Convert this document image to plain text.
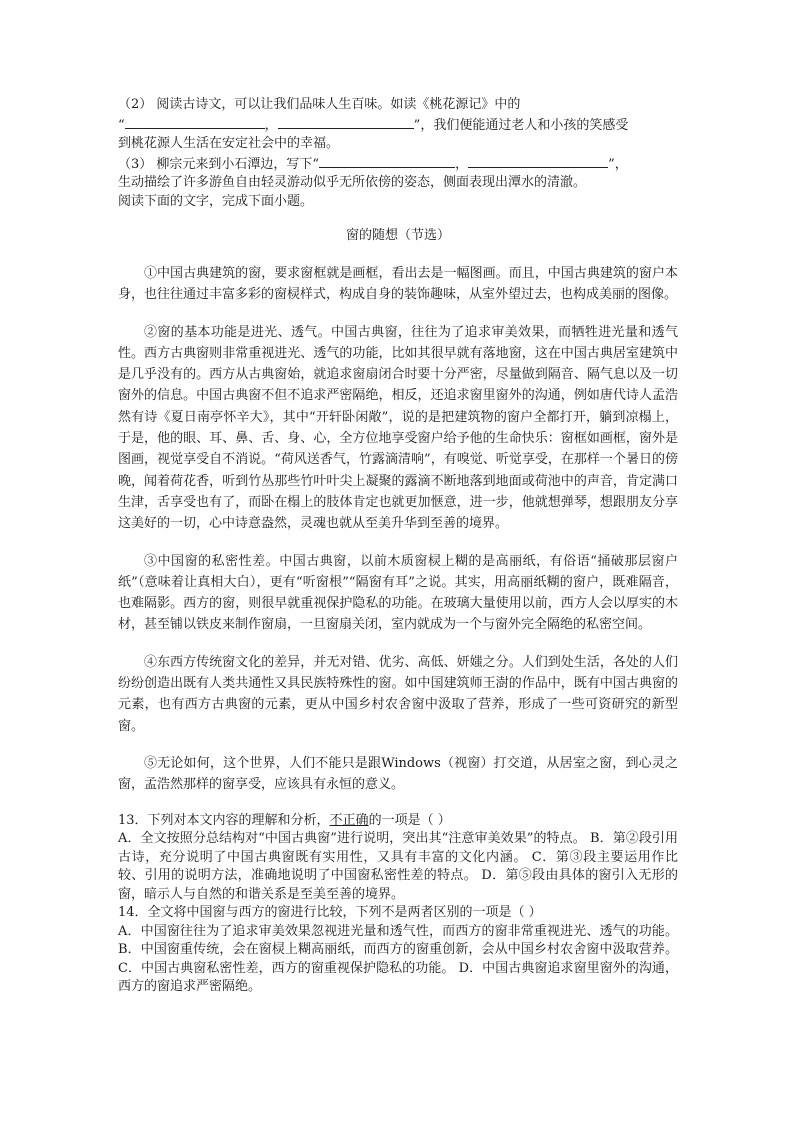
（2） 阅读古诗文，可以让我们品味人生百味。如读《桃花源记》中的
“	，	”，我们便能通过老人和小孩的笑感受
到桃花源人生活在安定社会中的幸福。
（3） 柳宗元来到小石潭边，写下“	，	”，
生动描绘了许多游鱼自由轻灵游动似乎无所依傍的姿态，侧面表现出潭水的清澈。
阅读下面的文字，完成下面小题。
窗的随想（节选）

①中国古典建筑的窗，要求窗框就是画框，看出去是一幅图画。而且，中国古典建筑的窗户本身，也往往通过丰富多彩的窗棂样式，构成自身的装饰趣味，从室外望过去，也构成美丽的图像。

②窗的基本功能是进光、透气。中国古典窗，往往为了追求审美效果，而牺牲进光量和透气性。西方古典窗则非常重视进光、透气的功能，比如其很早就有落地窗，这在中国古典居室建筑中是几乎没有的。西方从古典窗始，就追求窗扇闭合时要十分严密，尽量做到隔音、隔气息以及一切窗外的信息。中国古典窗不但不追求严密隔绝，相反，还追求窗里窗外的沟通，例如唐代诗人孟浩然有诗《夏日南亭怀辛大》，其中“开轩卧闲敞”，说的是把建筑物的窗户全都打开，躺到凉榻上，于是，他的眼、耳、鼻、舌、身、心，全方位地享受窗户给予他的生命快乐：窗框如画框，窗外是图画，视觉享受自不消说。“荷风送香气，竹露滴清响”，有嗅觉、听觉享受，在那样一个暑日的傍晚，闻着荷花香，听到竹丛那些竹叶叶尖上凝聚的露滴不断地落到地面或荷池中的声音，肯定满口生津，舌享受也有了，而卧在榻上的肢体肯定也就更加惬意，进一步，他就想弹琴，想跟朋友分享这美好的一切，心中诗意盎然，灵魂也就从至美升华到至善的境界。

③中国窗的私密性差。中国古典窗，以前木质窗棂上糊的是高丽纸，有俗语“捅破那层窗户纸”（意味着让真相大白），更有“听窗根”“隔窗有耳”之说。其实，用高丽纸糊的窗户，既难隔音，也难隔影。西方的窗，则很早就重视保护隐私的功能。在玻璃大量使用以前，西方人会以厚实的木材，甚至铺以铁皮来制作窗扇，一旦窗扇关闭，室内就成为一个与窗外完全隔绝的私密空间。

④东西方传统窗文化的差异，并无对错、优劣、高低、妍媸之分。人们到处生活，各处的人们纷纷创造出既有人类共通性又具民族特殊性的窗。如中国建筑师王澍的作品中，既有中国古典窗的元素，也有西方古典窗的元素，更从中国乡村农舍窗中汲取了营养，形成了一些可资研究的新型窗。

⑤无论如何，这个世界，人们不能只是跟Windows（视窗）打交道，从居室之窗，到心灵之窗，孟浩然那样的窗享受，应该具有永恒的意义。

13．下列对本文内容的理解和分析，不正确的一项是（ ）

A．全文按照分总结构对“中国古典窗”进行说明，突出其“注意审美效果”的特点。 B．第②段引用古诗，充分说明了中国古典窗既有实用性，又具有丰富的文化内涵。 C．第③段主要运用作比较、引用的说明方法，准确地说明了中国窗私密性差的特点。 D．第⑤段由具体的窗引入无形的窗，暗示人与自然的和谐关系是至美至善的境界。

14．全文将中国窗与西方的窗进行比较，下列不是两者区别的一项是（ ）

A．中国窗往往为了追求审美效果忽视进光量和透气性，而西方的窗非常重视进光、透气的功能。 B．中国窗重传统，会在窗棂上糊高丽纸，而西方的窗重创新，会从中国乡村农舍窗中汲取营养。 C．中国古典窗私密性差，西方的窗重视保护隐私的功能。 D．中国古典窗追求窗里窗外的沟通，西方的窗追求严密隔绝。
